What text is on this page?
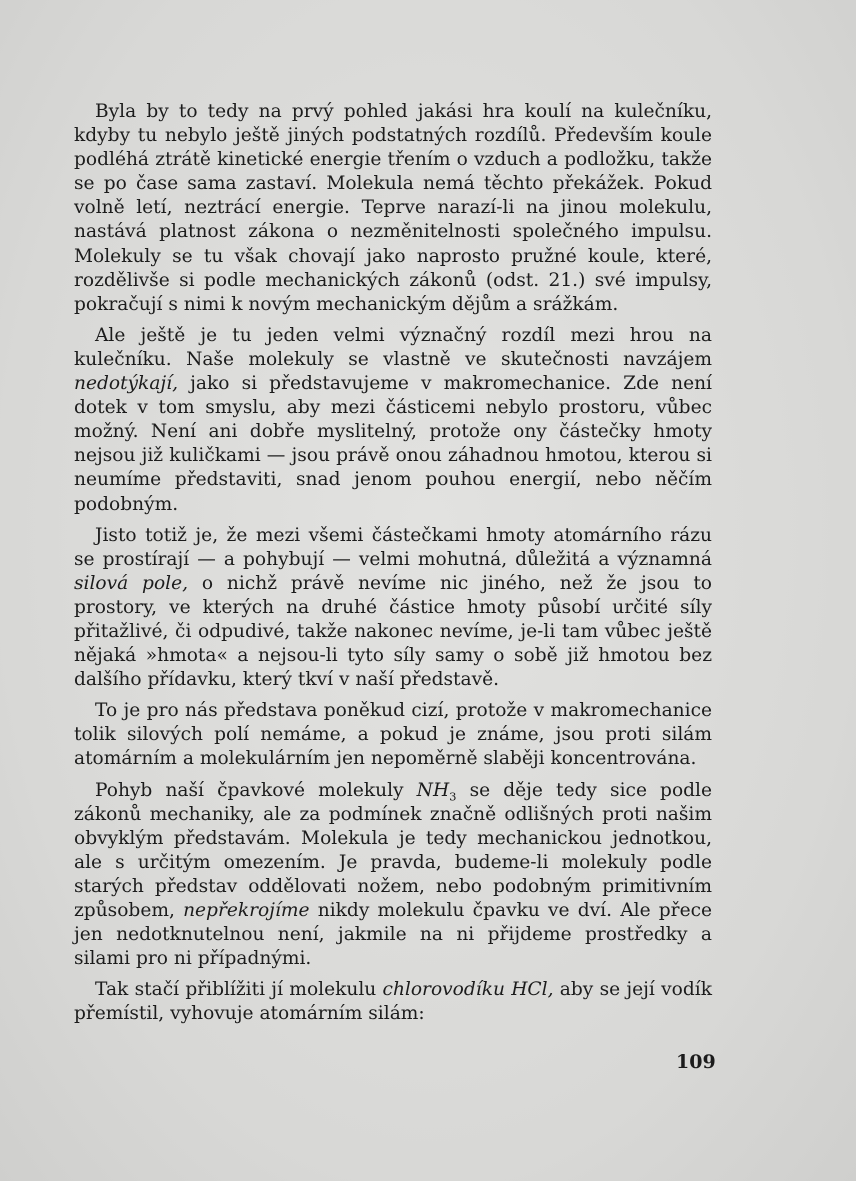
Byla by to tedy na prvý pohled jakási hra koulí na kulečníku, kdyby tu nebylo ještě jiných podstatných rozdílů. Především koule podléhá ztrátě kinetické energie třením o vzduch a podložku, takže se po čase sama zastaví. Molekula nemá těchto překážek. Pokud volně letí, neztrácí energie. Teprve narazí-li na jinou molekulu, nastává platnost zákona o nezměnitelnosti společného impulsu. Molekuly se tu však chovají jako naprosto pružné koule, které, rozdělivše si podle mechanických zákonů (odst. 21.) své impulsy, pokračují s nimi k novým mechanickým dějům a srážkám.

Ale ještě je tu jeden velmi význačný rozdíl mezi hrou na kulečníku. Naše molekuly se vlastně ve skutečnosti navzájem nedotýkají, jako si představujeme v makromechanice. Zde není dotek v tom smyslu, aby mezi částicemi nebylo prostoru, vůbec možný. Není ani dobře myslitelný, protože ony částečky hmoty nejsou již kuličkami — jsou právě onou záhadnou hmotou, kterou si neumíme představiti, snad jenom pouhou energií, nebo něčím podobným.

Jisto totiž je, že mezi všemi částečkami hmoty atomárního rázu se prostírají — a pohybují — velmi mohutná, důležitá a významná silová pole, o nichž právě nevíme nic jiného, než že jsou to prostory, ve kterých na druhé částice hmoty působí určité síly přitažlivé, či odpudivé, takže nakonec nevíme, je-li tam vůbec ještě nějaká »hmota« a nejsou-li tyto síly samy o sobě již hmotou bez dalšího přídavku, který tkví v naší představě.

To je pro nás představa poněkud cizí, protože v makromechanice tolik silových polí nemáme, a pokud je známe, jsou proti silám atomárním a molekulárním jen nepoměrně slaběji koncentrována.

Pohyb naší čpavkové molekuly $NH_3$ se děje tedy sice podle zákonů mechaniky, ale za podmínek značně odlišných proti našim obvyklým představám. Molekula je tedy mechanickou jednotkou, ale s určitým omezením. Je pravda, budeme-li molekuly podle starých představ oddělovati nožem, nebo podobným primitivním způsobem, nepřekrojíme nikdy molekulu čpavku ve dví. Ale přece jen nedotknutelnou není, jakmile na ni přijdeme prostředky a silami pro ni případnými.

Tak stačí přiblížiti jí molekulu chlorovodíku HCl, aby se její vodík přemístil, vyhovuje atomárním silám:

109
